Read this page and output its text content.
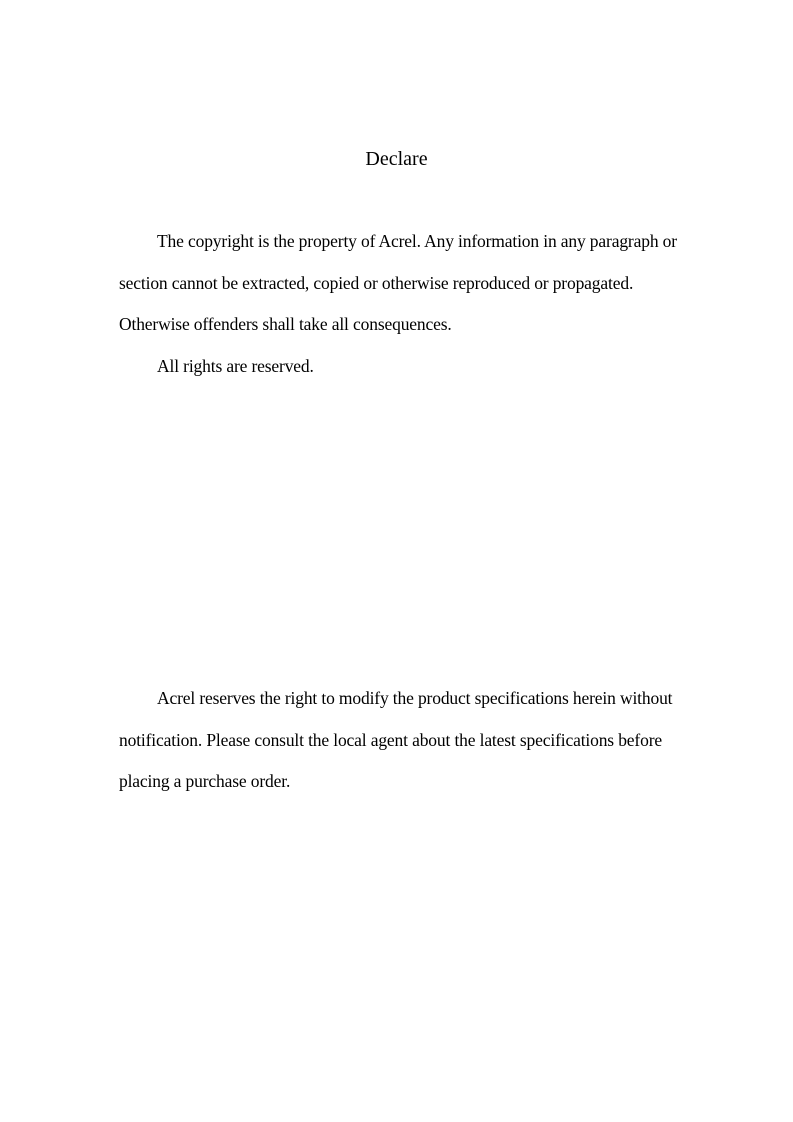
Declare

The copyright is the property of Acrel. Any information in any paragraph or section cannot be extracted, copied or otherwise reproduced or propagated. Otherwise offenders shall take all consequences.

All rights are reserved.

Acrel reserves the right to modify the product specifications herein without notification. Please consult the local agent about the latest specifications before placing a purchase order.
